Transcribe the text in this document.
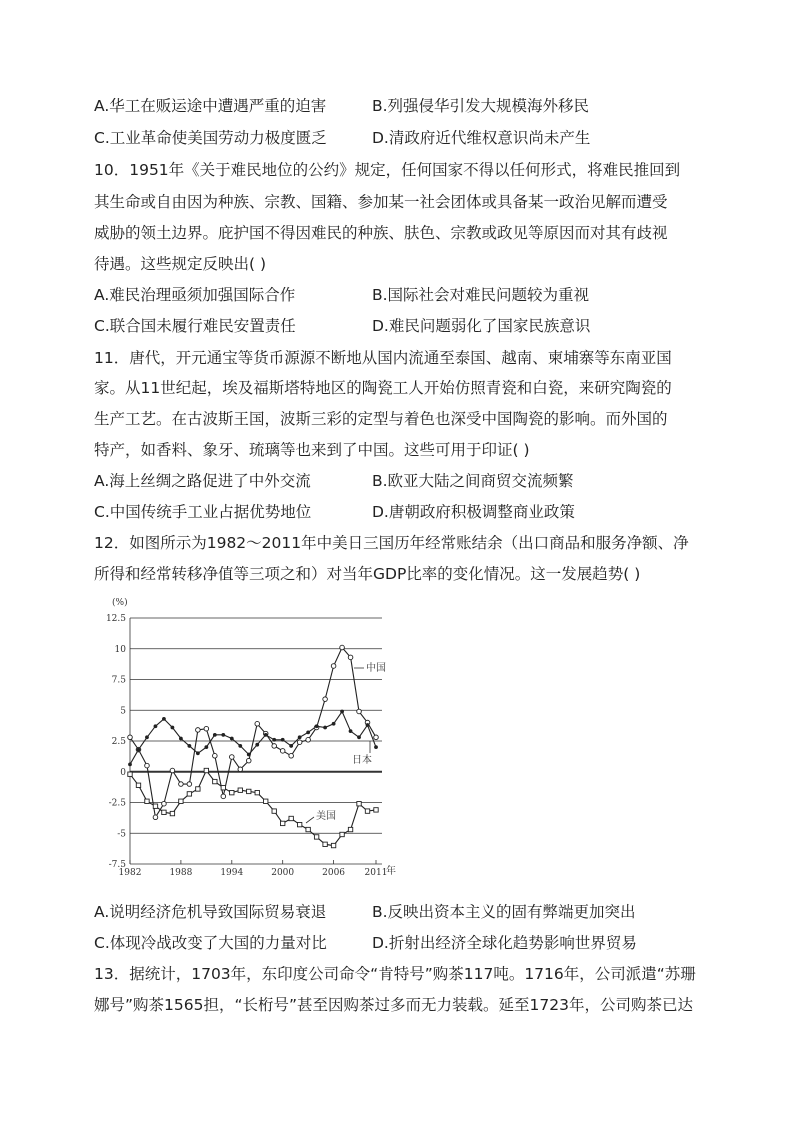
A.华工在贩运途中遭遇严重的迫害	B.列强侵华引发大规模海外移民
C.工业革命使美国劳动力极度匮乏	D.清政府近代维权意识尚未产生
10．1951年《关于难民地位的公约》规定，任何国家不得以任何形式，将难民推回到
其生命或自由因为种族、宗教、国籍、参加某一社会团体或具备某一政治见解而遭受
威胁的领土边界。庇护国不得因难民的种族、肤色、宗教或政见等原因而对其有歧视
待遇。这些规定反映出( )
A.难民治理亟须加强国际合作	B.国际社会对难民问题较为重视
C.联合国未履行难民安置责任	D.难民问题弱化了国家民族意识
11．唐代，开元通宝等货币源源不断地从国内流通至泰国、越南、柬埔寨等东南亚国
家。从11世纪起，埃及福斯塔特地区的陶瓷工人开始仿照青瓷和白瓷，来研究陶瓷的
生产工艺。在古波斯王国，波斯三彩的定型与着色也深受中国陶瓷的影响。而外国的
特产，如香料、象牙、琉璃等也来到了中国。这些可用于印证( )
A.海上丝绸之路促进了中外交流	B.欧亚大陆之间商贸交流频繁
C.中国传统手工业占据优势地位	D.唐朝政府积极调整商业政策
12．如图所示为1982～2011年中美日三国历年经常账结余（出口商品和服务净额、净
所得和经常转移净值等三项之和）对当年GDP比率的变化情况。这一发展趋势( )
(%)
-7.5
-5
-2.5
0
2.5
5
7.5
10
12.5
1982	1988	1994	2000	2006 2011
年
中国
日本
美国
A.说明经济危机导致国际贸易衰退	B.反映出资本主义的固有弊端更加突出
C.体现冷战改变了大国的力量对比	D.折射出经济全球化趋势影响世界贸易
13．据统计，1703年，东印度公司命令“肯特号”购茶117吨。1716年，公司派遣“苏珊
娜号”购茶1565担，“长桁号”甚至因购茶过多而无力装载。延至1723年，公司购茶已达
